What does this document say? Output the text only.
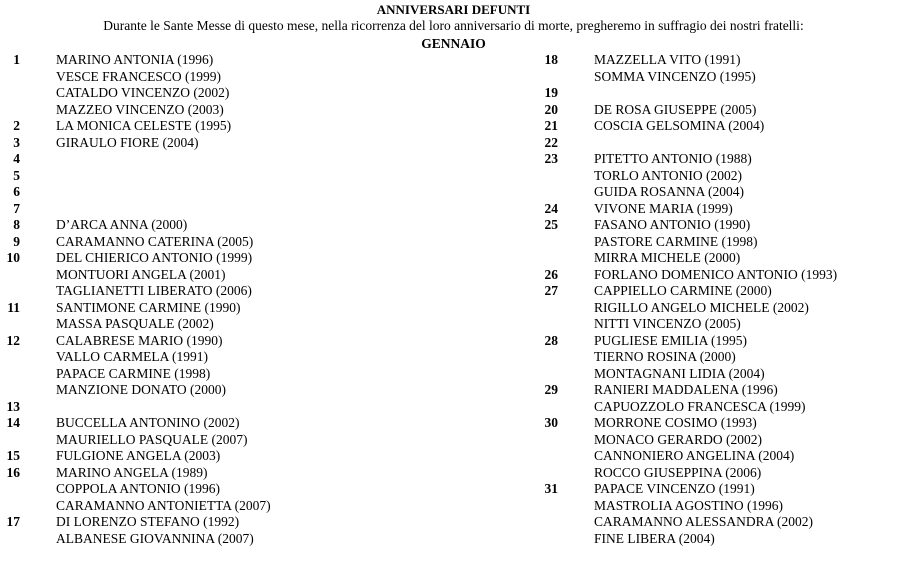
ANNIVERSARI DEFUNTI
Durante le Sante Messe di questo mese, nella ricorrenza del loro anniversario di morte, pregheremo in suffragio dei nostri fratelli:
GENNAIO
1	MARINO ANTONIA (1996)
VESCE FRANCESCO (1999)
CATALDO VINCENZO (2002)
MAZZEO VINCENZO (2003)
2	LA MONICA CELESTE (1995)
3	GIRAULO FIORE (2004)
4
5
6
7
8	D’ARCA ANNA (2000)
9	CARAMANNO CATERINA (2005)
10	DEL CHIERICO ANTONIO (1999)
MONTUORI ANGELA (2001)
TAGLIANETTI LIBERATO (2006)
11	SANTIMONE CARMINE (1990)
MASSA PASQUALE (2002)
12	CALABRESE MARIO (1990)
VALLO CARMELA (1991)
PAPACE CARMINE (1998)
MANZIONE DONATO (2000)
13
14	BUCCELLA ANTONINO (2002)
MAURIELLO PASQUALE (2007)
15	FULGIONE ANGELA (2003)
16	MARINO ANGELA (1989)
COPPOLA ANTONIO (1996)
CARAMANNO ANTONIETTA (2007)
17	DI LORENZO STEFANO (1992)
ALBANESE GIOVANNINA (2007)
18	MAZZELLA VITO (1991)
SOMMA VINCENZO (1995)
19
20	DE ROSA GIUSEPPE (2005)
21	COSCIA GELSOMINA (2004)
22
23	PITETTO ANTONIO (1988)
TORLO ANTONIO (2002)
GUIDA ROSANNA (2004)
24	VIVONE MARIA (1999)
25	FASANO ANTONIO (1990)
PASTORE CARMINE (1998)
MIRRA MICHELE (2000)
26	FORLANO DOMENICO ANTONIO (1993)
27	CAPPIELLO CARMINE (2000)
RIGILLO ANGELO MICHELE (2002)
NITTI VINCENZO (2005)
28	PUGLIESE EMILIA (1995)
TIERNO ROSINA (2000)
MONTAGNANI LIDIA (2004)
29	RANIERI MADDALENA (1996)
CAPUOZZOLO FRANCESCA (1999)
30	MORRONE COSIMO (1993)
MONACO GERARDO (2002)
CANNONIERO ANGELINA (2004)
ROCCO GIUSEPPINA (2006)
31	PAPACE VINCENZO (1991)
MASTROLIA AGOSTINO (1996)
CARAMANNO ALESSANDRA (2002)
FINE LIBERA (2004)
